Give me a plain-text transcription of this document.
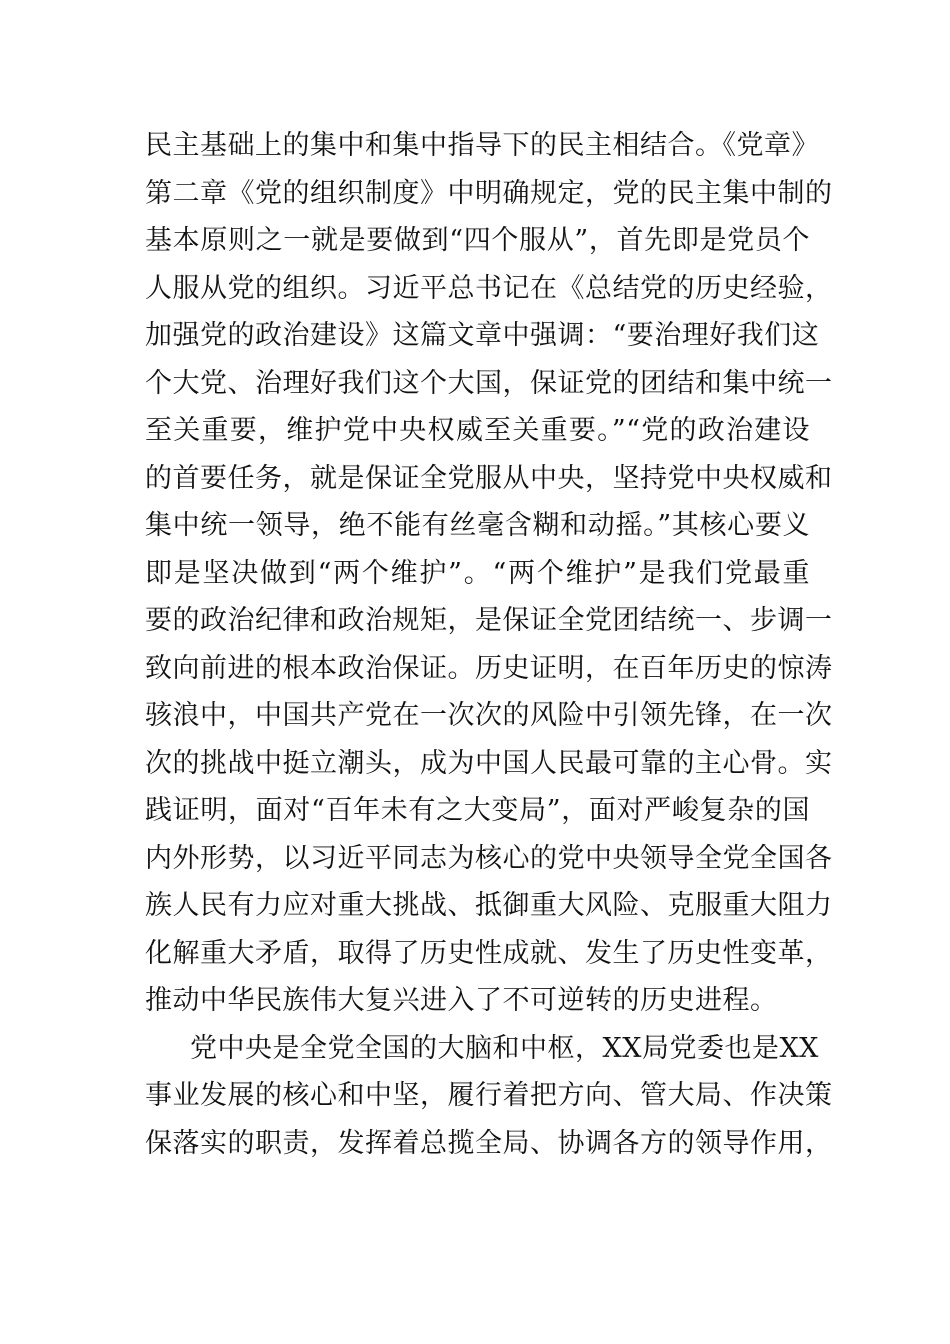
民主基础上的集中和集中指导下的民主相结合。《党章》
第二章《党的组织制度》中明确规定，党的民主集中制的
基本原则之一就是要做到“四个服从”，首先即是党员个
人服从党的组织。习近平总书记在《总结党的历史经验，
加强党的政治建设》这篇文章中强调：“要治理好我们这
个大党、治理好我们这个大国，保证党的团结和集中统一
至关重要，维护党中央权威至关重要。”“党的政治建设
的首要任务，就是保证全党服从中央，坚持党中央权威和
集中统一领导，绝不能有丝毫含糊和动摇。”其核心要义
即是坚决做到“两个维护”。“两个维护”是我们党最重
要的政治纪律和政治规矩，是保证全党团结统一、步调一
致向前进的根本政治保证。历史证明，在百年历史的惊涛
骇浪中，中国共产党在一次次的风险中引领先锋，在一次
次的挑战中挺立潮头，成为中国人民最可靠的主心骨。实
践证明，面对“百年未有之大变局”，面对严峻复杂的国
内外形势，以习近平同志为核心的党中央领导全党全国各
族人民有力应对重大挑战、抵御重大风险、克服重大阻力
化解重大矛盾，取得了历史性成就、发生了历史性变革，
推动中华民族伟大复兴进入了不可逆转的历史进程。
党中央是全党全国的大脑和中枢，XX局党委也是XX
事业发展的核心和中坚，履行着把方向、管大局、作决策
保落实的职责，发挥着总揽全局、协调各方的领导作用，
